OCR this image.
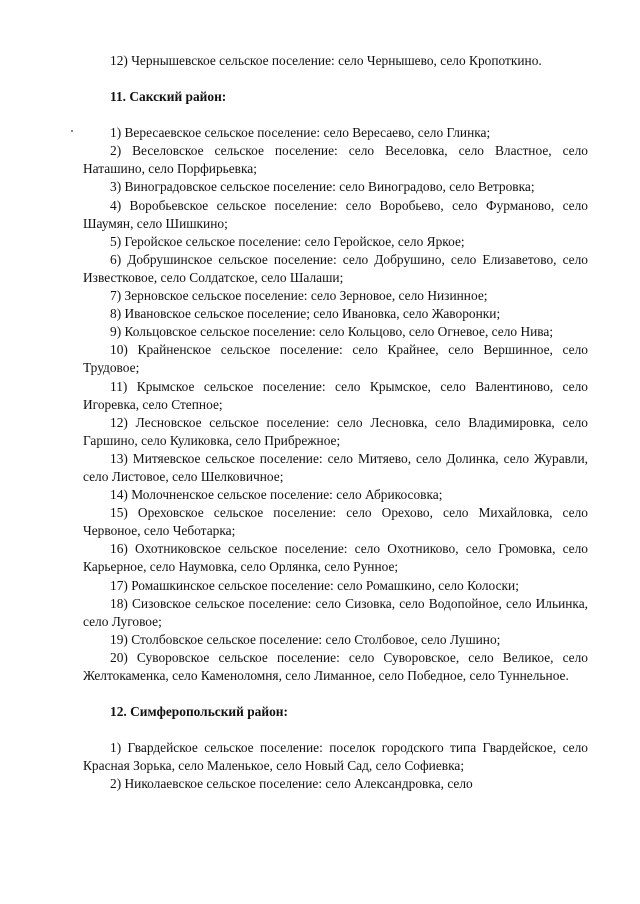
12) Чернышевское сельское поселение: село Чернышево, село Кропоткино.

11. Сакский район:

1) Вересаевское сельское поселение: село Вересаево, село Глинка;

2) Веселовское сельское поселение: село Веселовка, село Властное, село Наташино, село Порфирьевка;

3) Виноградовское сельское поселение: село Виноградово, село Ветровка;

4) Воробьевское сельское поселение: село Воробьево, село Фурманово, село Шаумян, село Шишкино;

5) Геройское сельское поселение: село Геройское, село Яркое;

6) Добрушинское сельское поселение: село Добрушино, село Елизаветово, село Известковое, село Солдатское, село Шалаши;

7) Зерновское сельское поселение: село Зерновое, село Низинное;

8) Ивановское сельское поселение; село Ивановка, село Жаворонки;

9) Кольцовское сельское поселение: село Кольцово, село Огневое, село Нива;

10) Крайненское сельское поселение: село Крайнее, село Вершинное, село Трудовое;

11) Крымское сельское поселение: село Крымское, село Валентиново, село Игоревка, село Степное;

12) Лесновское сельское поселение: село Лесновка, село Владимировка, село Гаршино, село Куликовка, село Прибрежное;

13) Митяевское сельское поселение: село Митяево, село Долинка, село Журавли, село Листовое, село Шелковичное;

14) Молочненское сельское поселение: село Абрикосовка;

15) Ореховское сельское поселение: село Орехово, село Михайловка, село Червоное, село Чеботарка;

16) Охотниковское сельское поселение: село Охотниково, село Громовка, село Карьерное, село Наумовка, село Орлянка, село Рунное;

17) Ромашкинское сельское поселение: село Ромашкино, село Колоски;

18) Сизовское сельское поселение: село Сизовка, село Водопойное, село Ильинка, село Луговое;

19) Столбовское сельское поселение: село Столбовое, село Лушино;

20) Суворовское сельское поселение: село Суворовское, село Великое, село Желтокаменка, село Каменоломня, село Лиманное, село Победное, село Туннельное.

12. Симферопольский район:

1) Гвардейское сельское поселение: поселок городского типа Гвардейское, село Красная Зорька, село Маленькое, село Новый Сад, село Софиевка;

2) Николаевское сельское поселение: село Александровка, село
